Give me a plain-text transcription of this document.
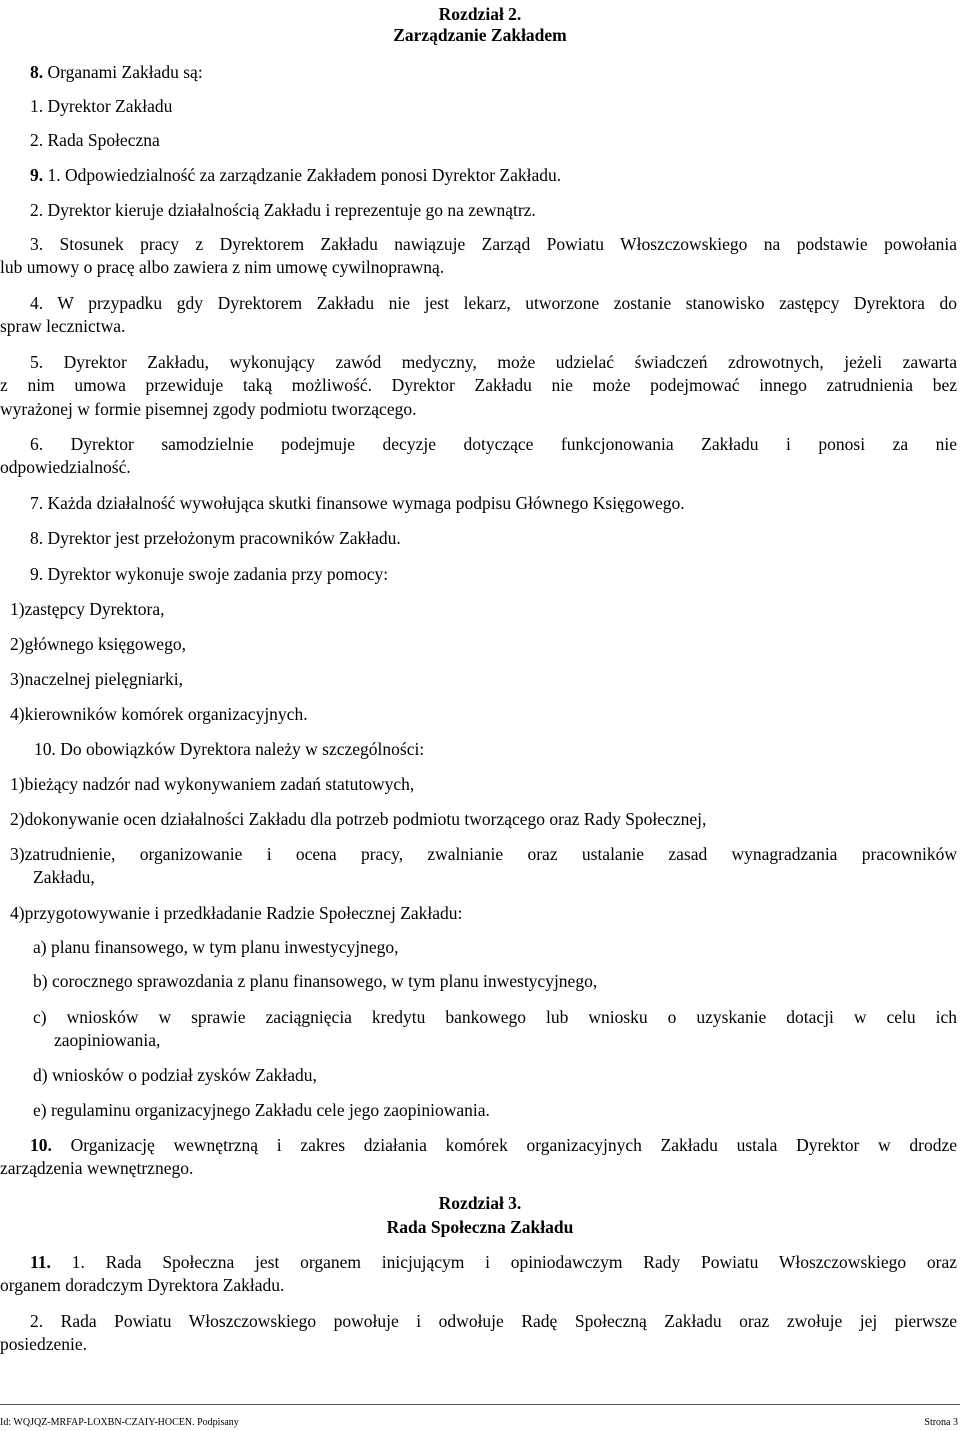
Rozdział 2.
Zarządzanie Zakładem
8. Organami Zakładu są:
1. Dyrektor Zakładu
2. Rada Społeczna
9. 1. Odpowiedzialność za zarządzanie Zakładem ponosi Dyrektor Zakładu.
2. Dyrektor kieruje działalnością Zakładu i reprezentuje go na zewnątrz.
3. Stosunek pracy z Dyrektorem Zakładu nawiązuje Zarząd Powiatu Włoszczowskiego na podstawie powołania
lub umowy o pracę albo zawiera z nim umowę cywilnoprawną.
4. W przypadku gdy Dyrektorem Zakładu nie jest lekarz, utworzone zostanie stanowisko zastępcy Dyrektora do
spraw lecznictwa.
5. Dyrektor Zakładu, wykonujący zawód medyczny, może udzielać świadczeń zdrowotnych, jeżeli zawarta
z nim umowa przewiduje taką możliwość. Dyrektor Zakładu nie może podejmować innego zatrudnienia bez
wyrażonej w formie pisemnej zgody podmiotu tworzącego.
6. Dyrektor samodzielnie podejmuje decyzje dotyczące funkcjonowania Zakładu i ponosi za nie
odpowiedzialność.
7. Każda działalność wywołująca skutki finansowe wymaga podpisu Głównego Księgowego.
8. Dyrektor jest przełożonym pracowników Zakładu.
9. Dyrektor wykonuje swoje zadania przy pomocy:
1)zastępcy Dyrektora,
2)głównego księgowego,
3)naczelnej pielęgniarki,
4)kierowników komórek organizacyjnych.
10. Do obowiązków Dyrektora należy w szczególności:
1)bieżący nadzór nad wykonywaniem zadań statutowych,
2)dokonywanie ocen działalności Zakładu dla potrzeb podmiotu tworzącego oraz Rady Społecznej,
3)zatrudnienie, organizowanie i ocena pracy, zwalnianie oraz ustalanie zasad wynagradzania pracowników
Zakładu,
4)przygotowywanie i przedkładanie Radzie Społecznej Zakładu:
a) planu finansowego, w tym planu inwestycyjnego,
b) corocznego sprawozdania z planu finansowego, w tym planu inwestycyjnego,
c) wniosków w sprawie zaciągnięcia kredytu bankowego lub wniosku o uzyskanie dotacji w celu ich
zaopiniowania,
d) wniosków o podział zysków Zakładu,
e) regulaminu organizacyjnego Zakładu cele jego zaopiniowania.
10. Organizację wewnętrzną i zakres działania komórek organizacyjnych Zakładu ustala Dyrektor w drodze
zarządzenia wewnętrznego.
Rozdział 3.
Rada Społeczna Zakładu
11. 1. Rada Społeczna jest organem inicjującym i opiniodawczym Rady Powiatu Włoszczowskiego oraz
organem doradczym Dyrektora Zakładu.
2. Rada Powiatu Włoszczowskiego powołuje i odwołuje Radę Społeczną Zakładu oraz zwołuje jej pierwsze
posiedzenie.
Id: WQJQZ-MRFAP-LOXBN-CZAIY-HOCEN. Podpisany	Strona 3
